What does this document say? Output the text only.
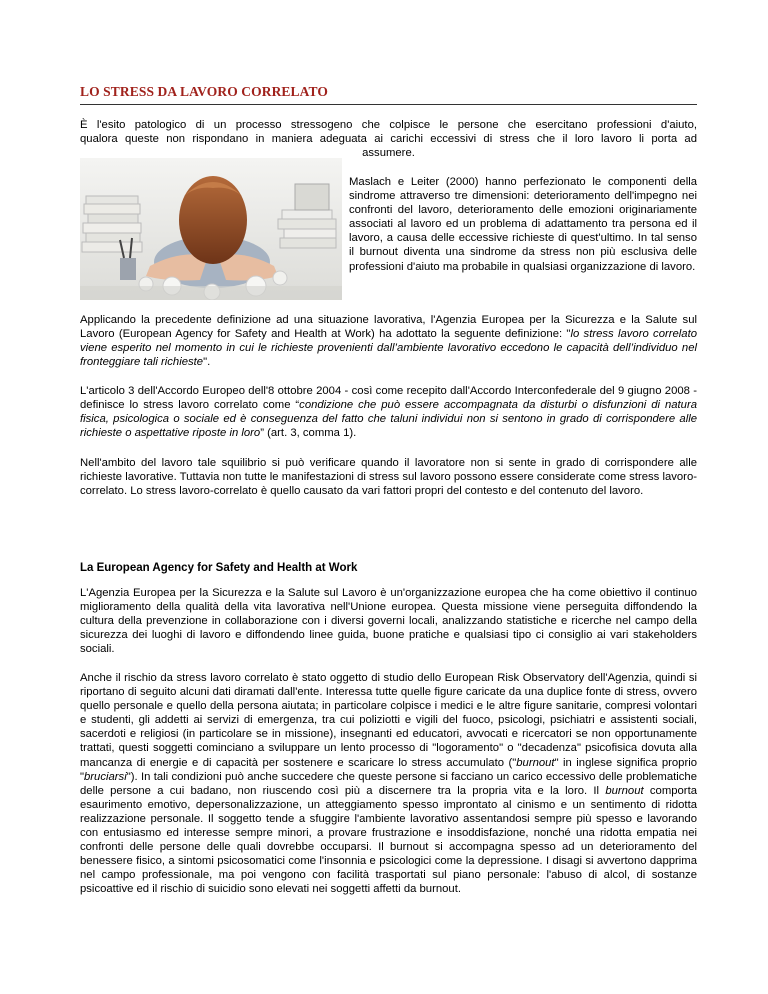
LO STRESS DA LAVORO CORRELATO

È l'esito patologico di un processo stressogeno che colpisce le persone che esercitano professioni d'aiuto,

qualora queste non rispondano in maniera adeguata ai carichi eccessivi di stress che il loro lavoro li porta ad

assumere.

Maslach e Leiter (2000) hanno perfezionato le componenti della sindrome attraverso tre dimensioni: deterioramento dell'impegno nei confronti del lavoro, deterioramento delle emozioni originariamente associati al lavoro ed un problema di adattamento tra persona ed il lavoro, a causa delle eccessive richieste di quest'ultimo. In tal senso il burnout diventa una sindrome da stress non più esclusiva delle professioni d'aiuto ma probabile in qualsiasi organizzazione di lavoro.

Applicando la precedente definizione ad una situazione lavorativa, l'Agenzia Europea per la Sicurezza e la Salute sul Lavoro (European Agency for Safety and Health at Work) ha adottato la seguente definizione: "lo stress lavoro correlato viene esperito nel momento in cui le richieste provenienti dall’ambiente lavorativo eccedono le capacità dell’individuo nel fronteggiare tali richieste".

L'articolo 3 dell'Accordo Europeo dell'8 ottobre 2004 - così come recepito dall'Accordo Interconfederale del 9 giugno 2008 - definisce lo stress lavoro correlato come “condizione che può essere accompagnata da disturbi o disfunzioni di natura fisica, psicologica o sociale ed è conseguenza del fatto che taluni individui non si sentono in grado di corrispondere alle richieste o aspettative riposte in loro” (art. 3, comma 1).

Nell'ambito del lavoro tale squilibrio si può verificare quando il lavoratore non si sente in grado di corrispondere alle richieste lavorative. Tuttavia non tutte le manifestazioni di stress sul lavoro possono essere considerate come stress lavoro-correlato. Lo stress lavoro-correlato è quello causato da vari fattori propri del contesto e del contenuto del lavoro.

La European Agency for Safety and Health at Work

L'Agenzia Europea per la Sicurezza e la Salute sul Lavoro è un'organizzazione europea che ha come obiettivo il continuo miglioramento della qualità della vita lavorativa nell'Unione europea. Questa missione viene perseguita diffondendo la cultura della prevenzione in collaborazione con i diversi governi locali, analizzando statistiche e ricerche nel campo della sicurezza dei luoghi di lavoro e diffondendo linee guida, buone pratiche e qualsiasi tipo ci consiglio ai vari stakeholders sociali.

Anche il rischio da stress lavoro correlato è stato oggetto di studio dello European Risk Observatory dell'Agenzia, quindi si riportano di seguito alcuni dati diramati dall'ente. Interessa tutte quelle figure caricate da una duplice fonte di stress, ovvero quello personale e quello della persona aiutata; in particolare colpisce i medici e le altre figure sanitarie, compresi volontari e studenti, gli addetti ai servizi di emergenza, tra cui poliziotti e vigili del fuoco, psicologi, psichiatri e assistenti sociali, sacerdoti e religiosi (in particolare se in missione), insegnanti ed educatori, avvocati e ricercatori se non opportunamente trattati, questi soggetti cominciano a sviluppare un lento processo di "logoramento" o "decadenza" psicofisica dovuta alla mancanza di energie e di capacità per sostenere e scaricare lo stress accumulato ("burnout" in inglese significa proprio "bruciarsi"). In tali condizioni può anche succedere che queste persone si facciano un carico eccessivo delle problematiche delle persone a cui badano, non riuscendo così più a discernere tra la propria vita e la loro. Il burnout comporta esaurimento emotivo, depersonalizzazione, un atteggiamento spesso improntato al cinismo e un sentimento di ridotta realizzazione personale. Il soggetto tende a sfuggire l'ambiente lavorativo assentandosi sempre più spesso e lavorando con entusiasmo ed interesse sempre minori, a provare frustrazione e insoddisfazione, nonché una ridotta empatia nei confronti delle persone delle quali dovrebbe occuparsi. Il burnout si accompagna spesso ad un deterioramento del benessere fisico, a sintomi psicosomatici come l'insonnia e psicologici come la depressione. I disagi si avvertono dapprima nel campo professionale, ma poi vengono con facilità trasportati sul piano personale: l'abuso di alcol, di sostanze psicoattive ed il rischio di suicidio sono elevati nei soggetti affetti da burnout.
